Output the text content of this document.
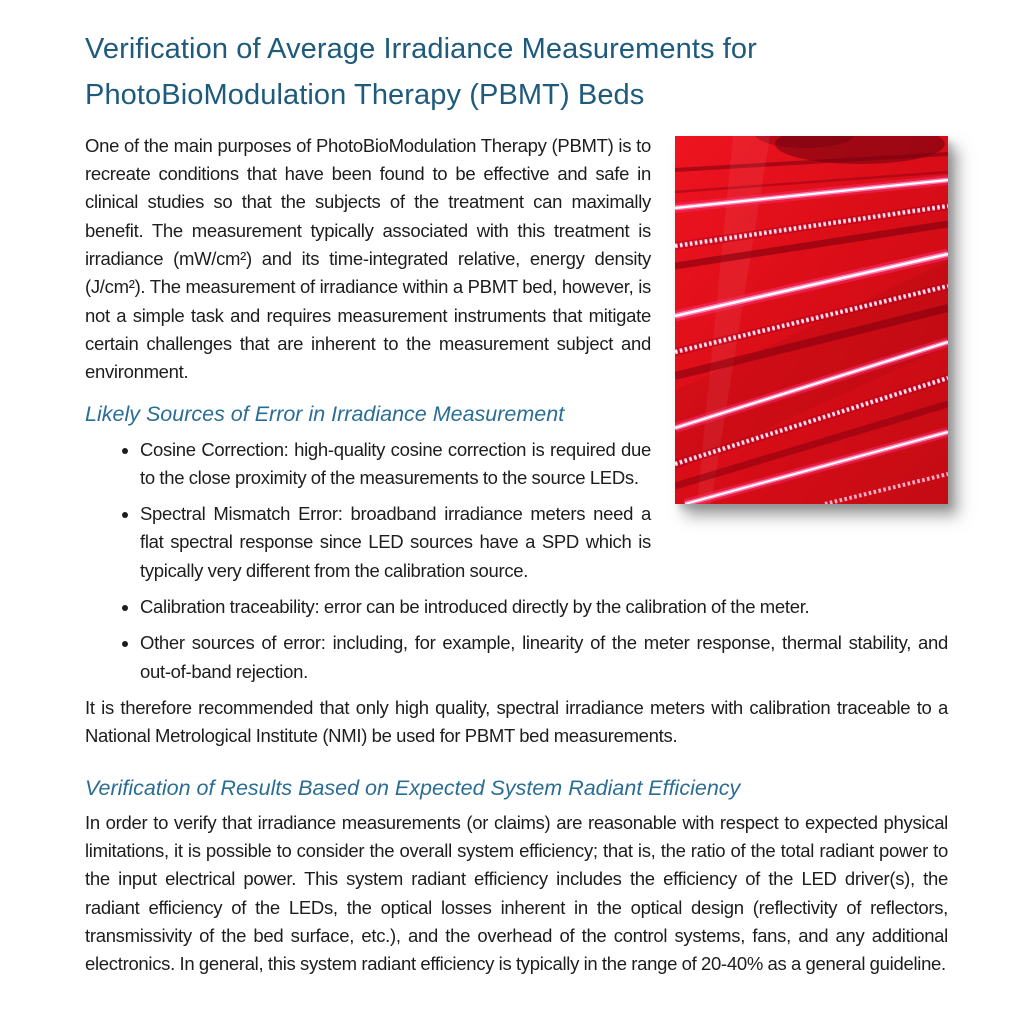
Verification of Average Irradiance Measurements for
PhotoBioModulation Therapy (PBMT) Beds

One of the main purposes of PhotoBioModulation Therapy (PBMT) is to recreate conditions that have been found to be effective and safe in clinical studies so that the subjects of the treatment can maximally benefit. The measurement typically associated with this treatment is irradiance (mW/cm²) and its time-integrated relative, energy density (J/cm²). The measurement of irradiance within a PBMT bed, however, is not a simple task and requires measurement instruments that mitigate certain challenges that are inherent to the measurement subject and environment.

Likely Sources of Error in Irradiance Measurement
• Cosine Correction: high-quality cosine correction is required due to the close proximity of the measurements to the source LEDs.
• Spectral Mismatch Error: broadband irradiance meters need a flat spectral response since LED sources have a SPD which is typically very different from the calibration source.
• Calibration traceability: error can be introduced directly by the calibration of the meter.
• Other sources of error: including, for example, linearity of the meter response, thermal stability, and out-of-band rejection.

It is therefore recommended that only high quality, spectral irradiance meters with calibration traceable to a National Metrological Institute (NMI) be used for PBMT bed measurements.

Verification of Results Based on Expected System Radiant Efficiency

In order to verify that irradiance measurements (or claims) are reasonable with respect to expected physical limitations, it is possible to consider the overall system efficiency; that is, the ratio of the total radiant power to the input electrical power. This system radiant efficiency includes the efficiency of the LED driver(s), the radiant efficiency of the LEDs, the optical losses inherent in the optical design (reflectivity of reflectors, transmissivity of the bed surface, etc.), and the overhead of the control systems, fans, and any additional electronics. In general, this system radiant efficiency is typically in the range of 20-40% as a general guideline.
